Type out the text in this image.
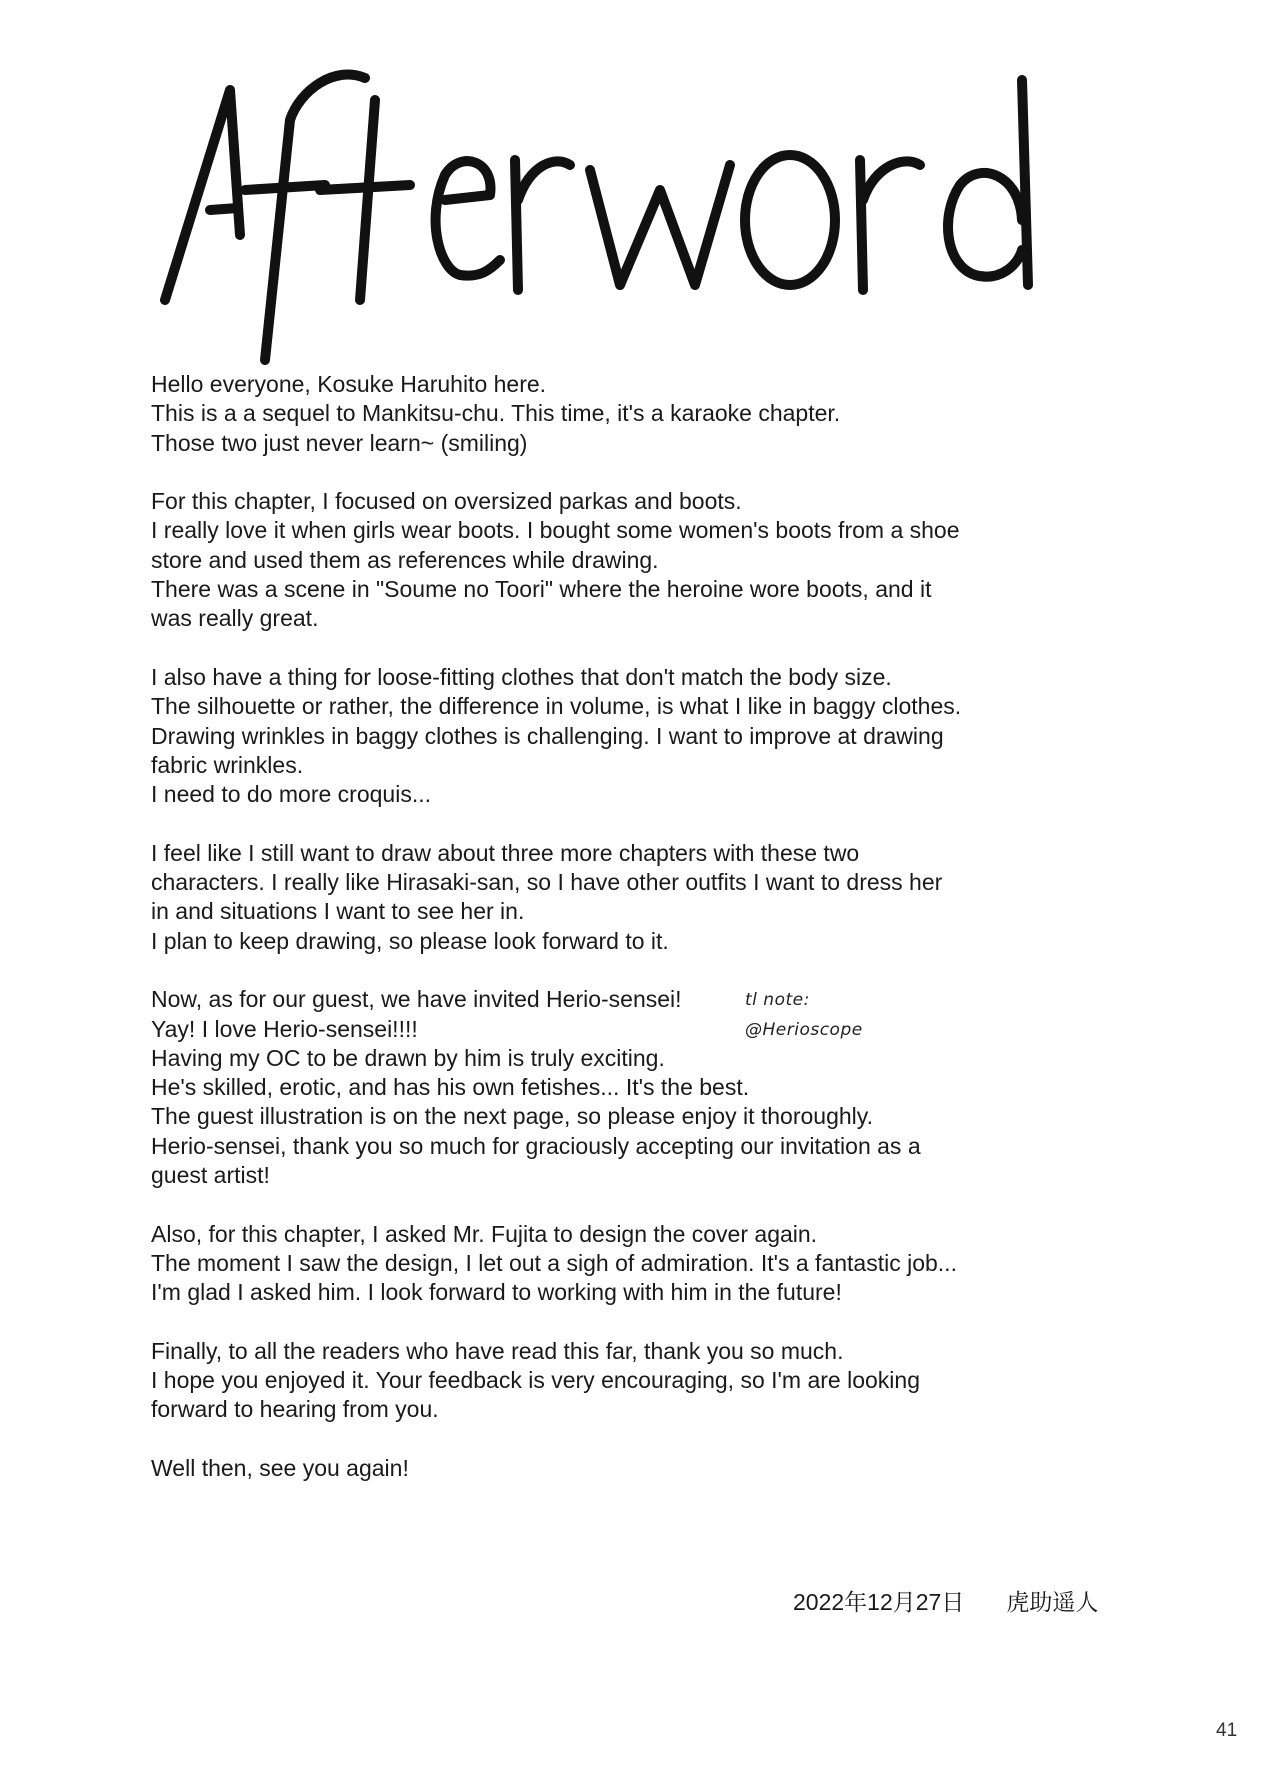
Hello everyone, Kosuke Haruhito here.
This is a a sequel to Mankitsu-chu. This time, it's a karaoke chapter.
Those two just never learn~ (smiling)
For this chapter, I focused on oversized parkas and boots.
I really love it when girls wear boots. I bought some women's boots from a shoe
store and used them as references while drawing.
There was a scene in "Soume no Toori" where the heroine wore boots, and it
was really great.
I also have a thing for loose-fitting clothes that don't match the body size.
The silhouette or rather, the difference in volume, is what I like in baggy clothes.
Drawing wrinkles in baggy clothes is challenging. I want to improve at drawing
fabric wrinkles.
I need to do more croquis...
I feel like I still want to draw about three more chapters with these two
characters. I really like Hirasaki-san, so I have other outfits I want to dress her
in and situations I want to see her in.
I plan to keep drawing, so please look forward to it.
Now, as for our guest, we have invited Herio-sensei!
Yay! I love Herio-sensei!!!!
Having my OC to be drawn by him is truly exciting.
He's skilled, erotic, and has his own fetishes... It's the best.
The guest illustration is on the next page, so please enjoy it thoroughly.
Herio-sensei, thank you so much for graciously accepting our invitation as a
guest artist!
Also, for this chapter, I asked Mr. Fujita to design the cover again.
The moment I saw the design, I let out a sigh of admiration. It's a fantastic job...
I'm glad I asked him. I look forward to working with him in the future!
Finally, to all the readers who have read this far, thank you so much.
I hope you enjoyed it. Your feedback is very encouraging, so I'm are looking
forward to hearing from you.
Well then, see you again!
tl note:
@Herioscope
2022年12月27日 虎助遥人
41
